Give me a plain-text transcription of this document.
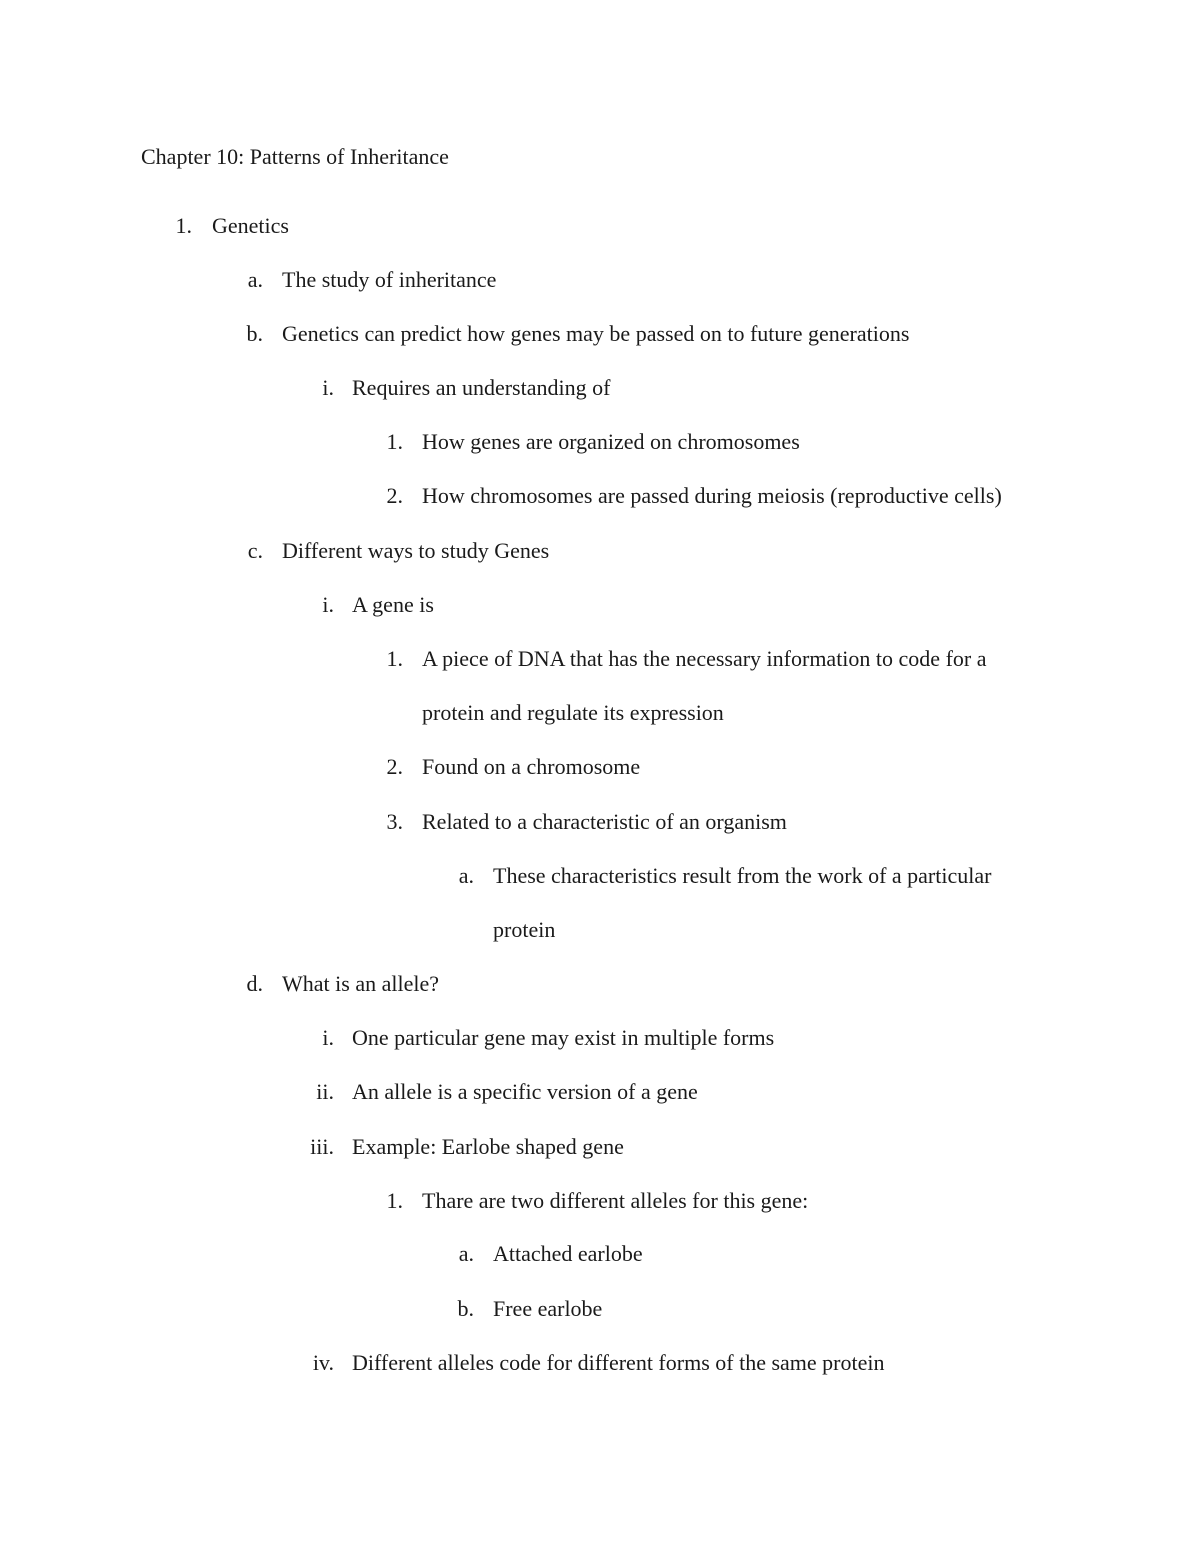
Chapter 10: Patterns of Inheritance
1. Genetics
a. The study of inheritance
b. Genetics can predict how genes may be passed on to future generations
i. Requires an understanding of
1. How genes are organized on chromosomes
2. How chromosomes are passed during meiosis (reproductive cells)
c. Different ways to study Genes
i. A gene is
1. A piece of DNA that has the necessary information to code for a
protein and regulate its expression
2. Found on a chromosome
3. Related to a characteristic of an organism
a. These characteristics result from the work of a particular
protein
d. What is an allele?
i. One particular gene may exist in multiple forms
ii. An allele is a specific version of a gene
iii. Example: Earlobe shaped gene
1. Thare are two different alleles for this gene:
a. Attached earlobe
b. Free earlobe
iv. Different alleles code for different forms of the same protein
